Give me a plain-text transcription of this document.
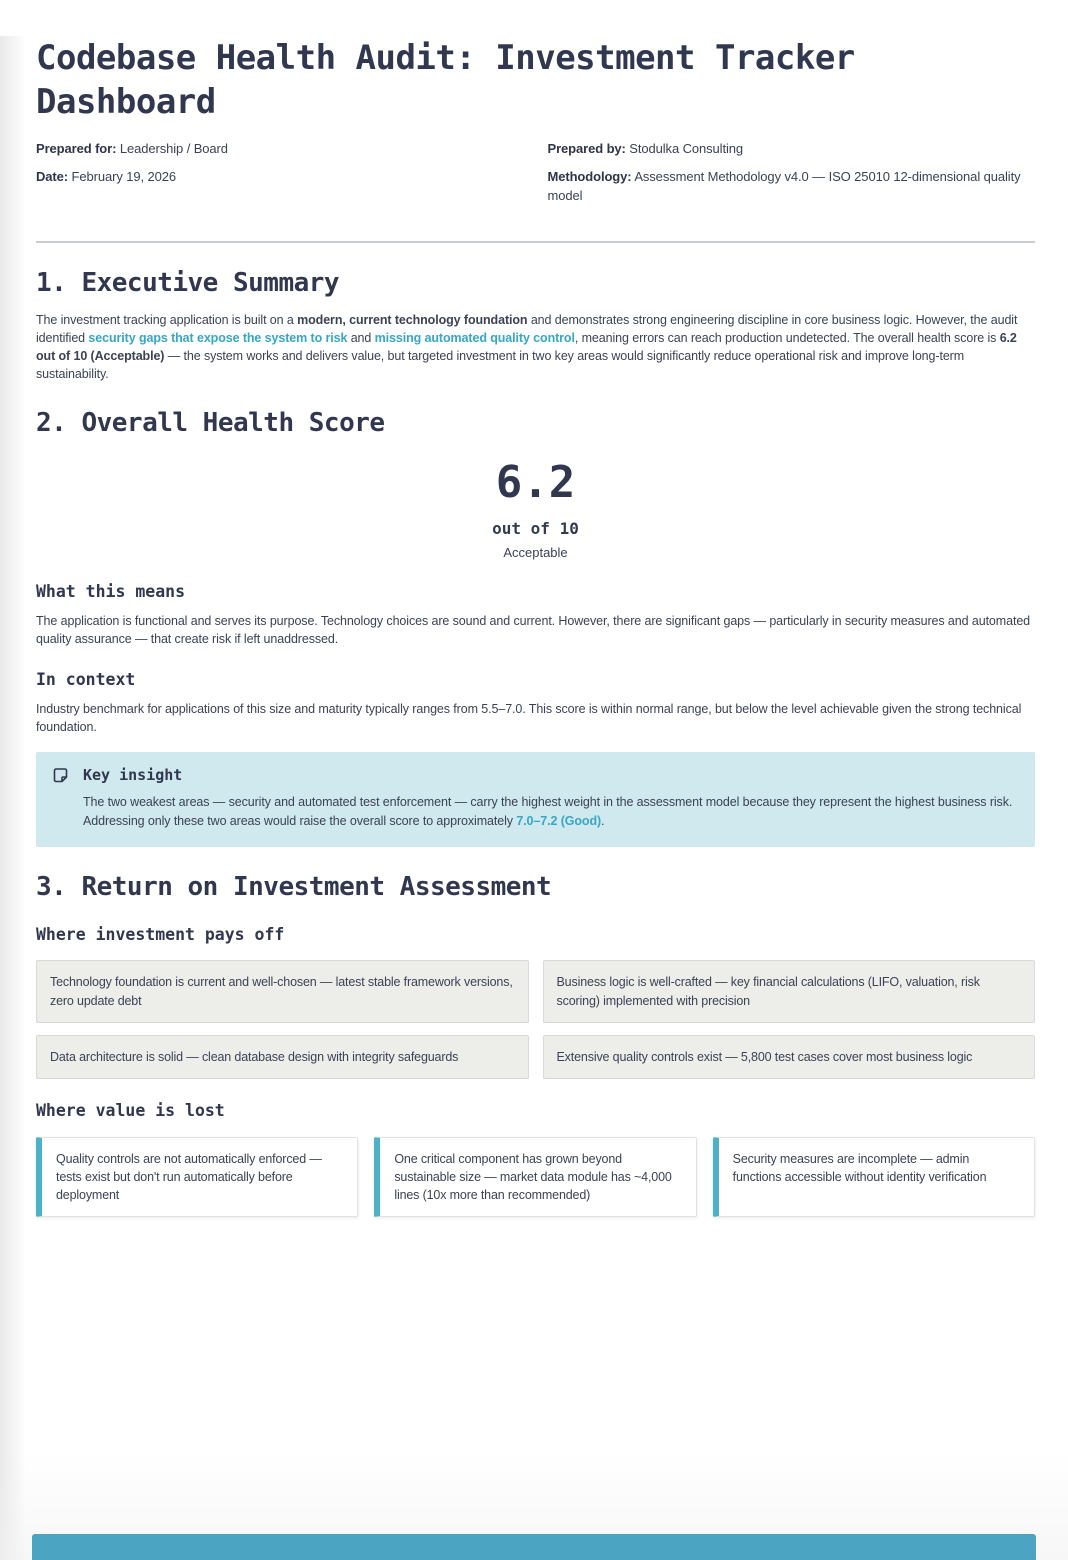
Codebase Health Audit: Investment Tracker Dashboard

Prepared for: Leadership / Board

Date: February 19, 2026

Prepared by: Stodulka Consulting

Methodology: Assessment Methodology v4.0 — ISO 25010 12-dimensional quality model

1. Executive Summary

The investment tracking application is built on a modern, current technology foundation and demonstrates strong engineering discipline in core business logic. However, the audit identified security gaps that expose the system to risk and missing automated quality control, meaning errors can reach production undetected. The overall health score is 6.2 out of 10 (Acceptable) — the system works and delivers value, but targeted investment in two key areas would significantly reduce operational risk and improve long-term sustainability.

2. Overall Health Score
6.2
out of 10
Acceptable
What this means

The application is functional and serves its purpose. Technology choices are sound and current. However, there are significant gaps — particularly in security measures and automated quality assurance — that create risk if left unaddressed.

In context

Industry benchmark for applications of this size and maturity typically ranges from 5.5–7.0. This score is within normal range, but below the level achievable given the strong technical foundation.

Key insight

The two weakest areas — security and automated test enforcement — carry the highest weight in the assessment model because they represent the highest business risk. Addressing only these two areas would raise the overall score to approximately 7.0–7.2 (Good).

3. Return on Investment Assessment
Where investment pays off
Technology foundation is current and well-chosen — latest stable framework versions, zero update debt
Business logic is well-crafted — key financial calculations (LIFO, valuation, risk scoring) implemented with precision
Data architecture is solid — clean database design with integrity safeguards	Extensive quality controls exist — 5,800 test cases cover most business logic
Where value is lost
Quality controls are not automatically enforced — tests exist but don't run automatically before deployment
One critical component has grown beyond sustainable size — market data module has ~4,000 lines (10x more than recommended)
Security measures are incomplete — admin functions accessible without identity verification
